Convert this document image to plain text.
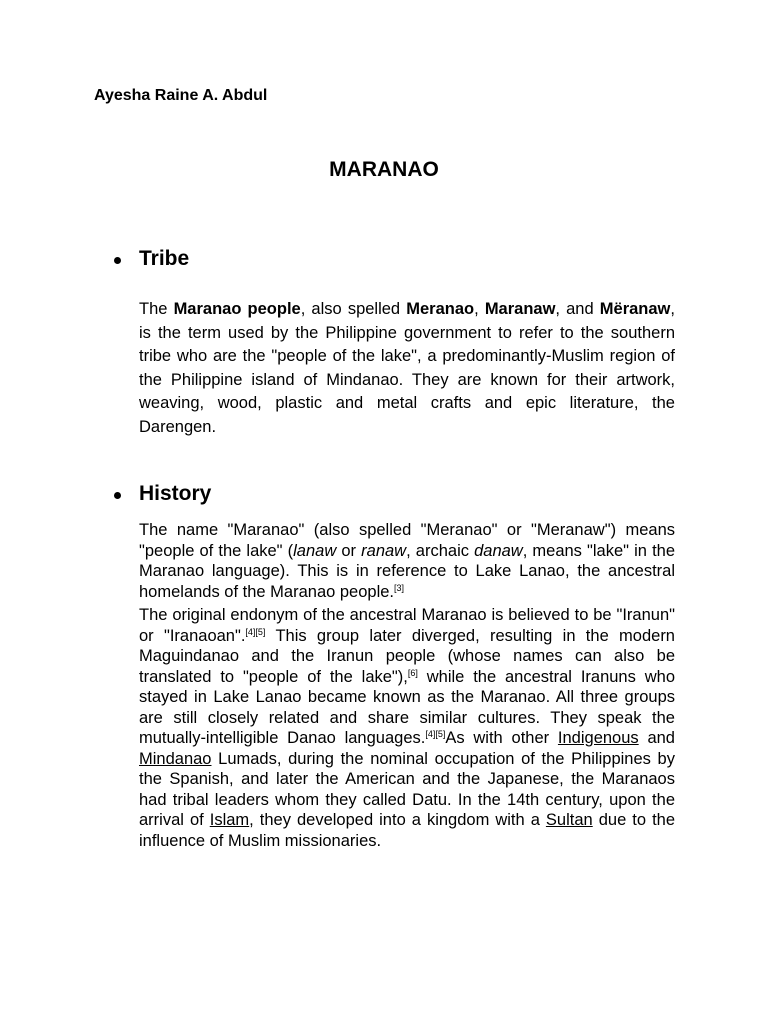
Ayesha Raine A. Abdul
MARANAO
Tribe

The Maranao people, also spelled Meranao, Maranaw, and Mëranaw, is the term used by the Philippine government to refer to the southern tribe who are the "people of the lake", a predominantly-Muslim region of the Philippine island of Mindanao. They are known for their artwork, weaving, wood, plastic and metal crafts and epic literature, the Darengen.

History

The name "Maranao" (also spelled "Meranao" or "Meranaw") means "people of the lake" (lanaw or ranaw, archaic danaw, means "lake" in the Maranao language). This is in reference to Lake Lanao, the ancestral homelands of the Maranao people.[3]

The original endonym of the ancestral Maranao is believed to be "Iranun" or "Iranaoan".[4][5] This group later diverged, resulting in the modern Maguindanao and the Iranun people (whose names can also be translated to "people of the lake"),[6] while the ancestral Iranuns who stayed in Lake Lanao became known as the Maranao. All three groups are still closely related and share similar cultures. They speak the mutually-intelligible Danao languages.[4][5]As with other Indigenous and Mindanao Lumads, during the nominal occupation of the Philippines by the Spanish, and later the American and the Japanese, the Maranaos had tribal leaders whom they called Datu. In the 14th century, upon the arrival of Islam, they developed into a kingdom with a Sultan due to the influence of Muslim missionaries.
